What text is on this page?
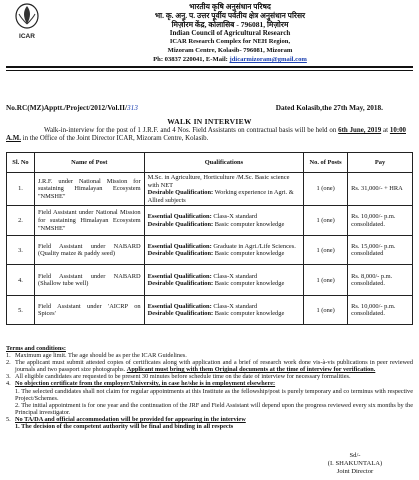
ICAR
भारतीय कृषि अनुसंधान परिषद
भा. कृ. अनु. प. उत्तर पूर्वीय पर्वतीय क्षेत्र अनुसंधान परिसर
मिज़ोरम केंद्र, कोलासिब - 796081, मिज़ोरम
Indian Council of Agricultural Research
ICAR Research Complex for NEH Region,
Mizoram Centre, Kolasib- 796081, Mizoram
Ph: 03837 220041, E-Mail: jdicarmizoram@gmail.com
No.RC(MZ)Apptt./Project/2012/Vol.II/313	Dated Kolasib,the 27th May, 2018.
WALK IN INTERVIEW
Walk-in-interview for the post of 1 J.R.F. and 4 Nos. Field Assistants on contractual basis will be held on 6th June, 2019 at 10:00 A.M. in the Office of the Joint Director ICAR, Mizoram Centre, Kolasib.
Sl. No	Name of Post	Qualifications	No. of Posts	Pay
1.	J.R.F. under National Mission for sustaining Himalayan Ecosystem "NMSHE"	M.Sc. in Agriculture, Horticulture /M.Sc. Basic science with NET
Desirable Qualification: Working experience in Agri. & Allied subjects	1 (one)	Rs. 31,000/- + HRA
2.	Field Assistant under National Mission for sustaining Himalayan Ecosystem "NMSHE"	Essential Qualification: Class-X standard
Desirable Qualification: Basic computer knowledge	1 (one)	Rs. 10,000/- p.m. consolidated.
3.	Field Assistant under NABARD (Quality maize & paddy seed)	Essential Qualification: Graduate in Agri./Life Sciences.
Desirable Qualification: Basic computer knowledge	1 (one)	Rs. 15,000/- p.m. consolidated
4.	Field Assistant under NABARD (Shallow tube well)	Essential Qualification: Class-X standard
Desirable Qualification: Basic computer knowledge	1 (one)	Rs. 8,000/- p.m. consolidated.
5.	Field Assistant under 'AICRP on Spices'	Essential Qualification: Class-X standard
Desirable Qualification: Basic computer knowledge	1 (one)	Rs. 10,000/- p.m. consolidated.
Terms and conditions:
1. Maximum age limit. The age should be as per the ICAR Guidelines.
2. The applicant must submit attested copies of certificates along with application and a brief of research work done vis-à-vis publications in peer reviewed journals and two passport size photographs. Applicant must bring with them Original documents at the time of interview for verification.
3. All eligible candidates are requested to be present 30 minutes before schedule time on the date of interview for necessary formalities.
4. No objection certificate from the employer/University, in case he/she is in employment elsewhere:
1. The selected candidates shall not claim for regular appointments at this Institute as the fellowship/post is purely temporary and co terminus with respective Project/Schemes.
2. The initial appointment is for one year and the continuation of the JRF and Field Assistant will depend upon the progress reviewed every six months by the Principal investigator.
5. No TA/DA and official accommodation will be provided for appearing in the interview
1. The decision of the competent authority will be final and binding in all respects
Sd/-
(I. SHAKUNTALA)
Joint Director
